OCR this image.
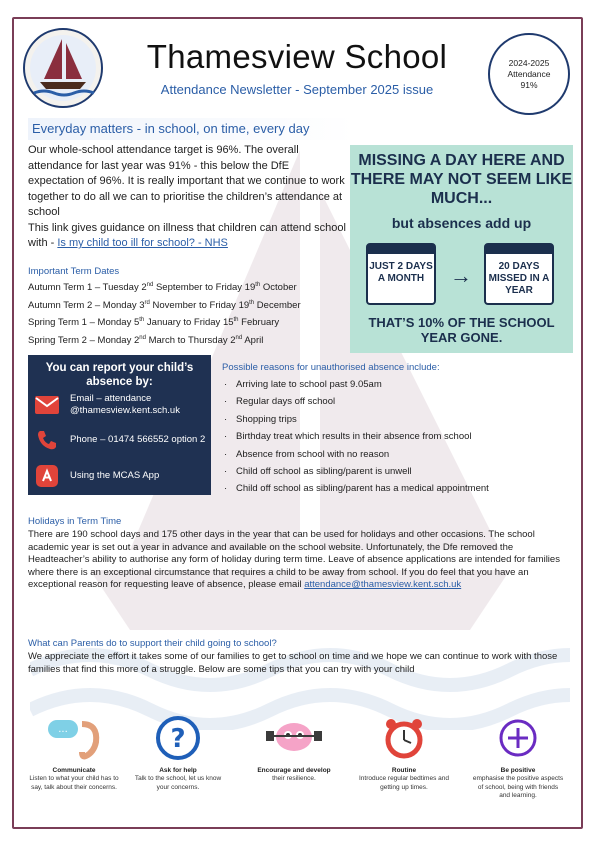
Thamesview School
Attendance Newsletter - September 2025 issue
2024-2025
Attendance
91%
Everyday matters - in school, on time, every day
Our whole-school attendance target is 96%. The overall attendance for last year was 91% - this below the DfE expectation of 96%. It is really important that we continue to work together to do all we can to prioritise the children’s attendance at school
This link gives guidance on illness that children can attend school with - Is my child too ill for school? - NHS
Important Term Dates
Autumn Term 1 – Tuesday 2nd September to Friday 19th October
Autumn Term 2 – Monday 3rd November to Friday 19th December
Spring Term 1 – Monday 5th January to Friday 15th February
Spring Term 2 – Monday 2nd March to Thursday 2nd April
MISSING A DAY HERE AND THERE MAY NOT SEEM LIKE MUCH...
but absences add up
JUST 2 DAYS A MONTH	→	20 DAYS MISSED IN A YEAR
THAT’S 10% OF THE SCHOOL YEAR GONE.
You can report your child’s absence by:
Email – attendance @thamesview.kent.sch.uk
Phone – 01474 566552 option 2
Using the MCAS App
Possible reasons for unauthorised absence include:
· Arriving late to school past 9.05am
· Regular days off school
· Shopping trips
· Birthday treat which results in their absence from school
· Absence from school with no reason
· Child off school as sibling/parent is unwell
· Child off school as sibling/parent has a medical appointment
Holidays in Term Time
There are 190 school days and 175 other days in the year that can be used for holidays and other occasions. The school academic year is set out a year in advance and available on the school website. Unfortunately, the Dfe removed the Headteacher’s ability to authorise any form of holiday during term time. Leave of absence applications are intended for families where there is an exceptional circumstance that requires a child to be away from school. If you do feel that you have an exceptional reason for requesting leave of absence, please email attendance@thamesview.kent.sch.uk
What can Parents do to support their child going to school?
We appreciate the effort it takes some of our families to get to school on time and we hope we can continue to work with those families that find this more of a struggle. Below are some tips that you can try with your child
...
Communicate
Listen to what your child has to say, talk about their concerns.
?
Ask for help
Talk to the school, let us know your concerns.
Encourage and develop
their resilience.
Routine
Introduce regular bedtimes and getting up times.
Be positive
emphasise the positive aspects of school, being with friends and learning.
